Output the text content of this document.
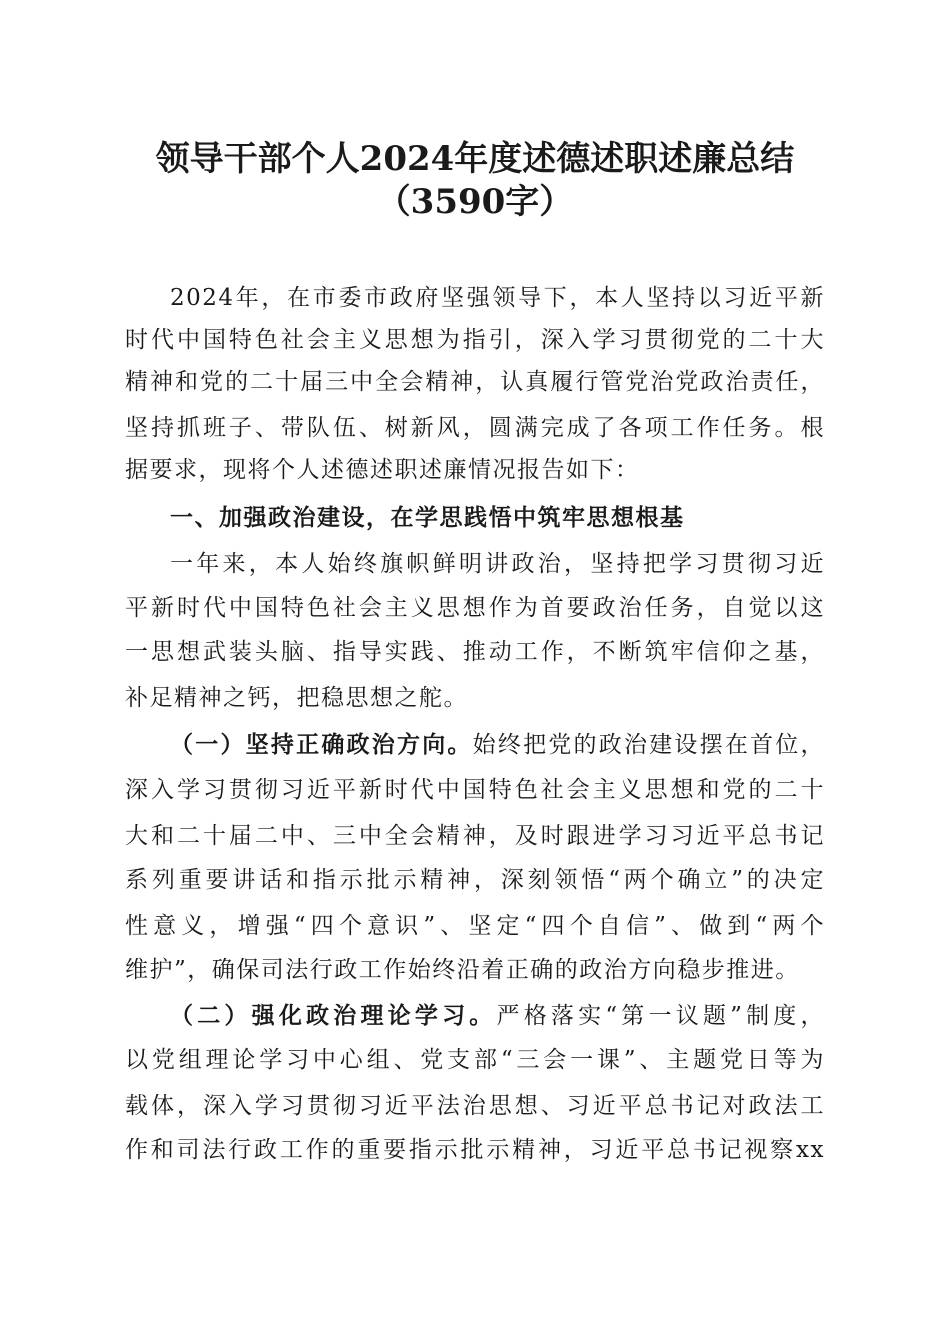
领导干部个人2024年度述德述职述廉总结
（3590字）
2024年，在市委市政府坚强领导下，本人坚持以习近平新
时代中国特色社会主义思想为指引，深入学习贯彻党的二十大
精神和党的二十届三中全会精神，认真履行管党治党政治责任，
坚持抓班子、带队伍、树新风，圆满完成了各项工作任务。根
据要求，现将个人述德述职述廉情况报告如下：
一、加强政治建设，在学思践悟中筑牢思想根基
一年来，本人始终旗帜鲜明讲政治，坚持把学习贯彻习近
平新时代中国特色社会主义思想作为首要政治任务，自觉以这
一思想武装头脑、指导实践、推动工作，不断筑牢信仰之基，
补足精神之钙，把稳思想之舵。
（一）坚持正确政治方向。始终把党的政治建设摆在首位，
深入学习贯彻习近平新时代中国特色社会主义思想和党的二十
大和二十届二中、三中全会精神，及时跟进学习习近平总书记
系列重要讲话和指示批示精神，深刻领悟“两个确立”的决定
性意义，增强“四个意识”、坚定“四个自信”、做到“两个
维护”，确保司法行政工作始终沿着正确的政治方向稳步推进。
（二）强化政治理论学习。严格落实“第一议题”制度，
以党组理论学习中心组、党支部“三会一课”、主题党日等为
载体，深入学习贯彻习近平法治思想、习近平总书记对政法工
作和司法行政工作的重要指示批示精神，习近平总书记视察xx
